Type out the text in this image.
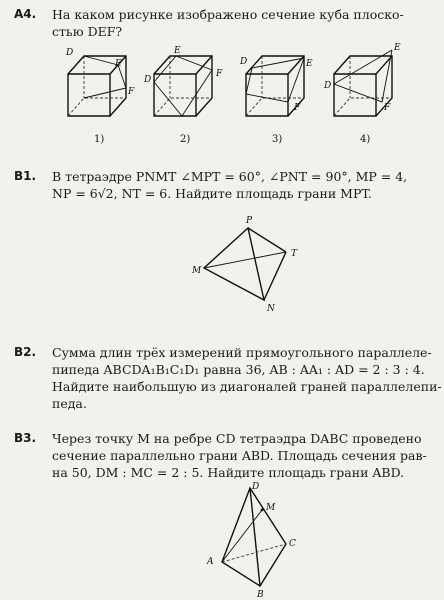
A4. На каком рисунке изображено сечение куба плоско-
стью DEF?
D
E
F
1)
E
D
F
2)
D	E
F
3)
E
D
F
4)
B1. В тетраэдре PNMT ∠MPT = 60°, ∠PNT = 90°, MP = 4,
NP = 6√2, NT = 6. Найдите площадь грани MPT.
P
T
M
N
B2. Сумма длин трёх измерений прямоугольного параллеле-
пипеда ABCDA₁B₁C₁D₁ равна 36, AB : AA₁ : AD = 2 : 3 : 4.
Найдите наибольшую из диагоналей граней параллелепи-
педа.
B3. Через точку M на ребре CD тетраэдра DABC проведено
сечение параллельно грани ABD. Площадь сечения рав-
на 50, DM : MC = 2 : 5. Найдите площадь грани ABD.
D
M
A
C
B
